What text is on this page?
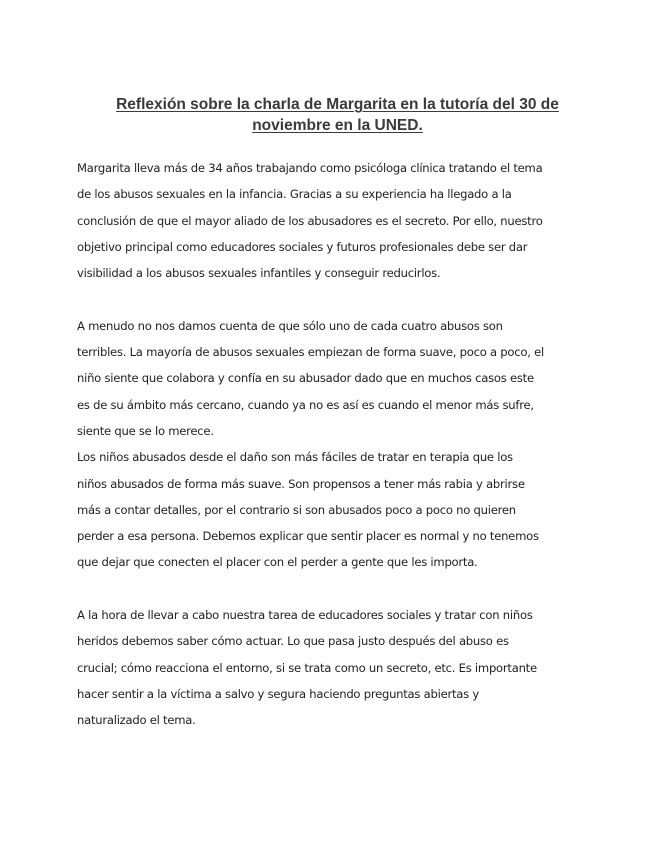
Reflexión sobre la charla de Margarita en la tutoría del 30 de
noviembre en la UNED.

Margarita lleva más de 34 años trabajando como psicóloga clínica tratando el tema
de los abusos sexuales en la infancia. Gracias a su experiencia ha llegado a la
conclusión de que el mayor aliado de los abusadores es el secreto. Por ello, nuestro
objetivo principal como educadores sociales y futuros profesionales debe ser dar
visibilidad a los abusos sexuales infantiles y conseguir reducirlos.

A menudo no nos damos cuenta de que sólo uno de cada cuatro abusos son
terribles. La mayoría de abusos sexuales empiezan de forma suave, poco a poco, el
niño siente que colabora y confía en su abusador dado que en muchos casos este
es de su ámbito más cercano, cuando ya no es así es cuando el menor más sufre,
siente que se lo merece.

Los niños abusados desde el daño son más fáciles de tratar en terapia que los
niños abusados de forma más suave. Son propensos a tener más rabia y abrirse
más a contar detalles, por el contrario si son abusados poco a poco no quieren
perder a esa persona. Debemos explicar que sentir placer es normal y no tenemos
que dejar que conecten el placer con el perder a gente que les importa.

A la hora de llevar a cabo nuestra tarea de educadores sociales y tratar con niños
heridos debemos saber cómo actuar. Lo que pasa justo después del abuso es
crucial; cómo reacciona el entorno, si se trata como un secreto, etc. Es importante
hacer sentir a la víctima a salvo y segura haciendo preguntas abiertas y
naturalizado el tema.
